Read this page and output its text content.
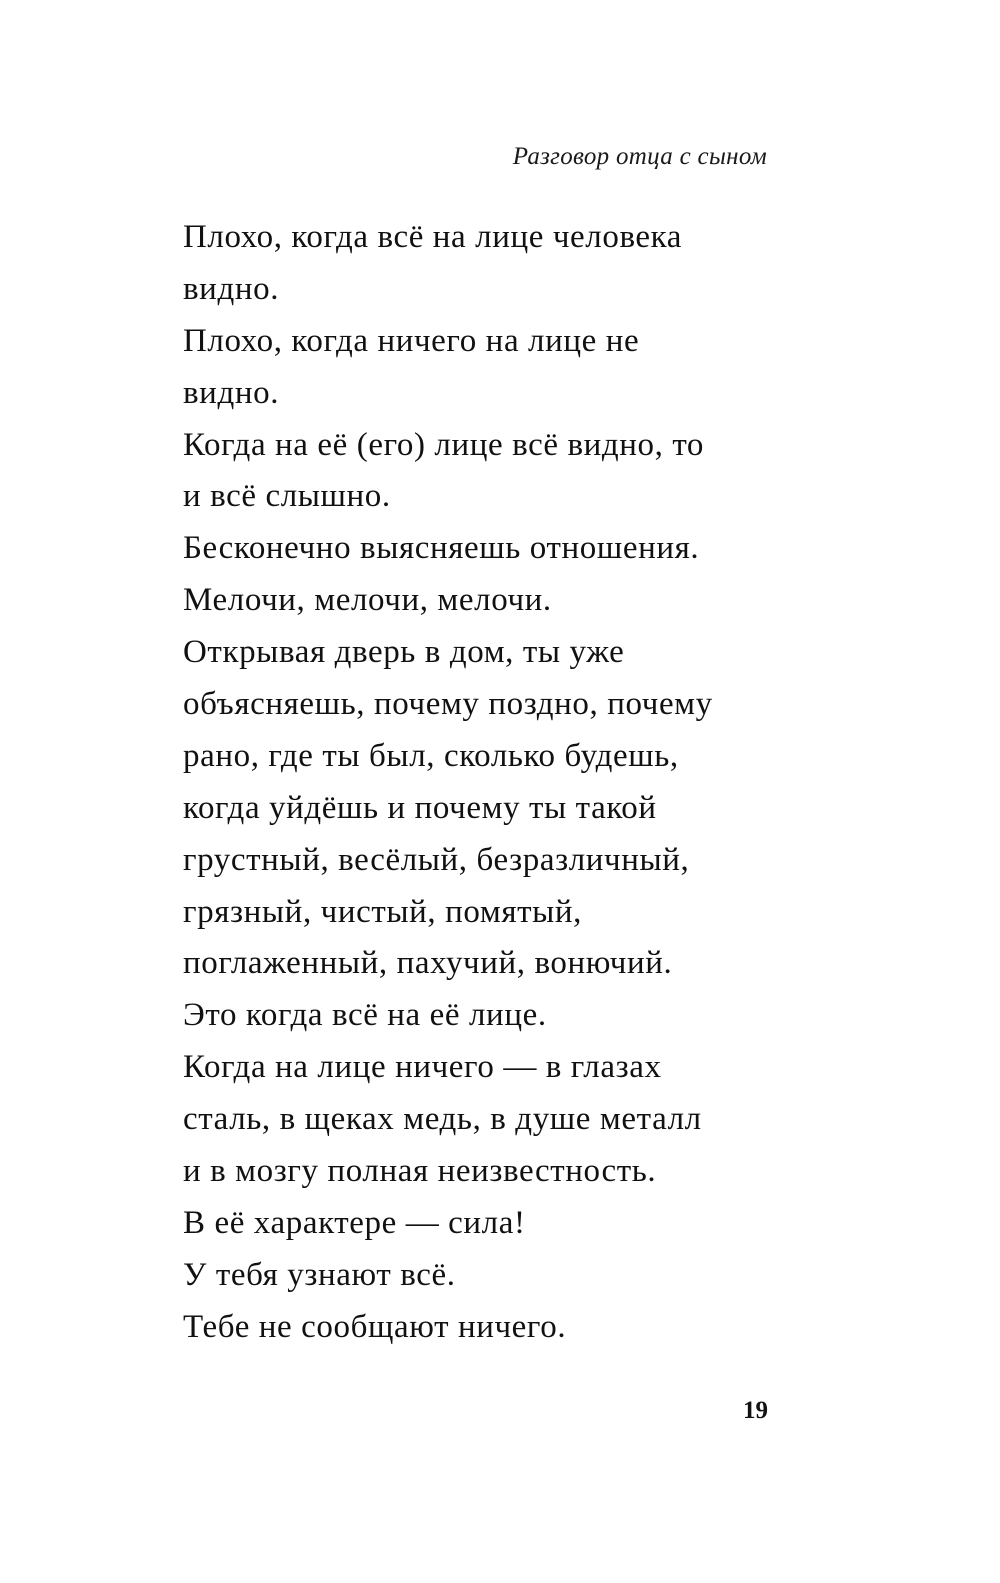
Разговор отца с сыном
Плохо, когда всё на лице человека
видно.
Плохо, когда ничего на лице не
видно.
Когда на её (его) лице всё видно, то
и всё слышно.
Бесконечно выясняешь отношения.
Мелочи, мелочи, мелочи.
Открывая дверь в дом, ты уже
объясняешь, почему поздно, почему
рано, где ты был, сколько будешь,
когда уйдёшь и почему ты такой
грустный, весёлый, безразличный,
грязный, чистый, помятый,
поглаженный, пахучий, вонючий.
Это когда всё на её лице.
Когда на лице ничего — в глазах
сталь, в щеках медь, в душе металл
и в мозгу полная неизвестность.
В её характере — сила!
У тебя узнают всё.
Тебе не сообщают ничего.
19
